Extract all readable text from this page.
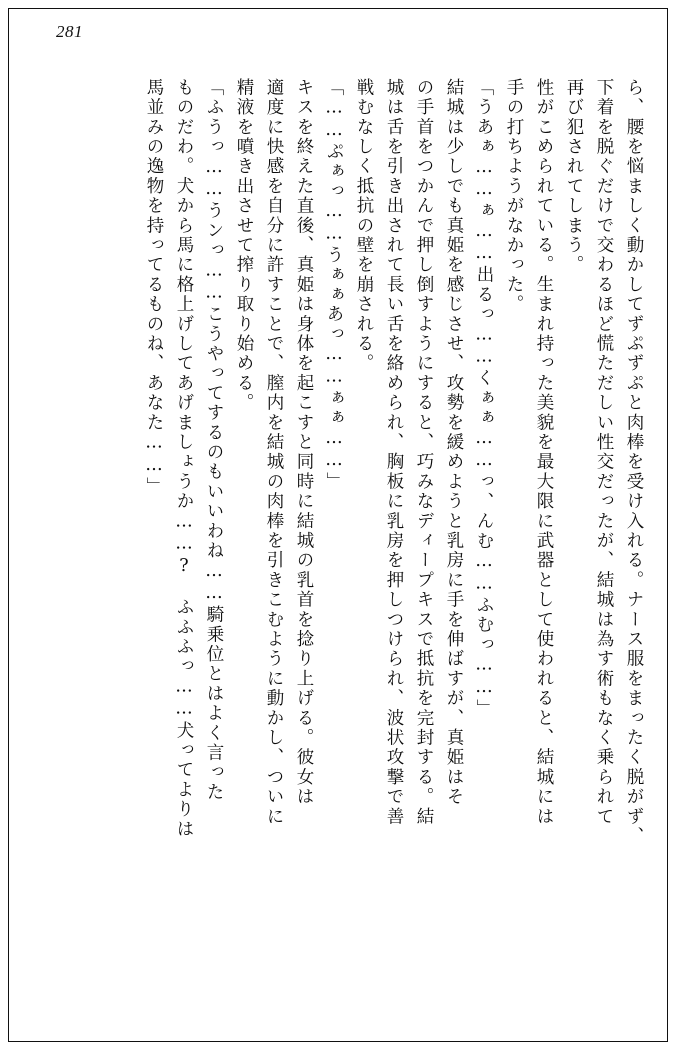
281
ら、腰を悩ましく動かしてずぷずぷと肉棒を受け入れる。ナース服をまったく脱がず、
下着を脱ぐだけで交わるほど慌ただしい性交だったが、結城は為す術もなく乗られて
再び犯されてしまう。
性がこめられている。生まれ持った美貌を最大限に武器として使われると、結城には
手の打ちようがなかった。
「うあぁ……ぁ……出るっ……くぁぁ……っ、んむ……ふむっ……」
結城は少しでも真姫を感じさせ、攻勢を緩めようと乳房に手を伸ばすが、真姫はそ
の手首をつかんで押し倒すようにすると、巧みなディープキスで抵抗を完封する。結
城は舌を引き出されて長い舌を絡められ、胸板に乳房を押しつけられ、波状攻撃で善
戦むなしく抵抗の壁を崩される。
「……ぷぁっ……うぁぁあっ……ぁぁ……」
キスを終えた直後、真姫は身体を起こすと同時に結城の乳首を捻り上げる。彼女は
適度に快感を自分に許すことで、膣内を結城の肉棒を引きこむように動かし、ついに
精液を噴き出させて搾り取り始める。
「ふうっ……うンっ……こうやってするのもいいわね……騎乗位とはよく言った
ものだわ。犬から馬に格上げしてあげましょうか……?　ふふふっ……犬ってよりは
馬並みの逸物を持ってるものね、あなた……」
